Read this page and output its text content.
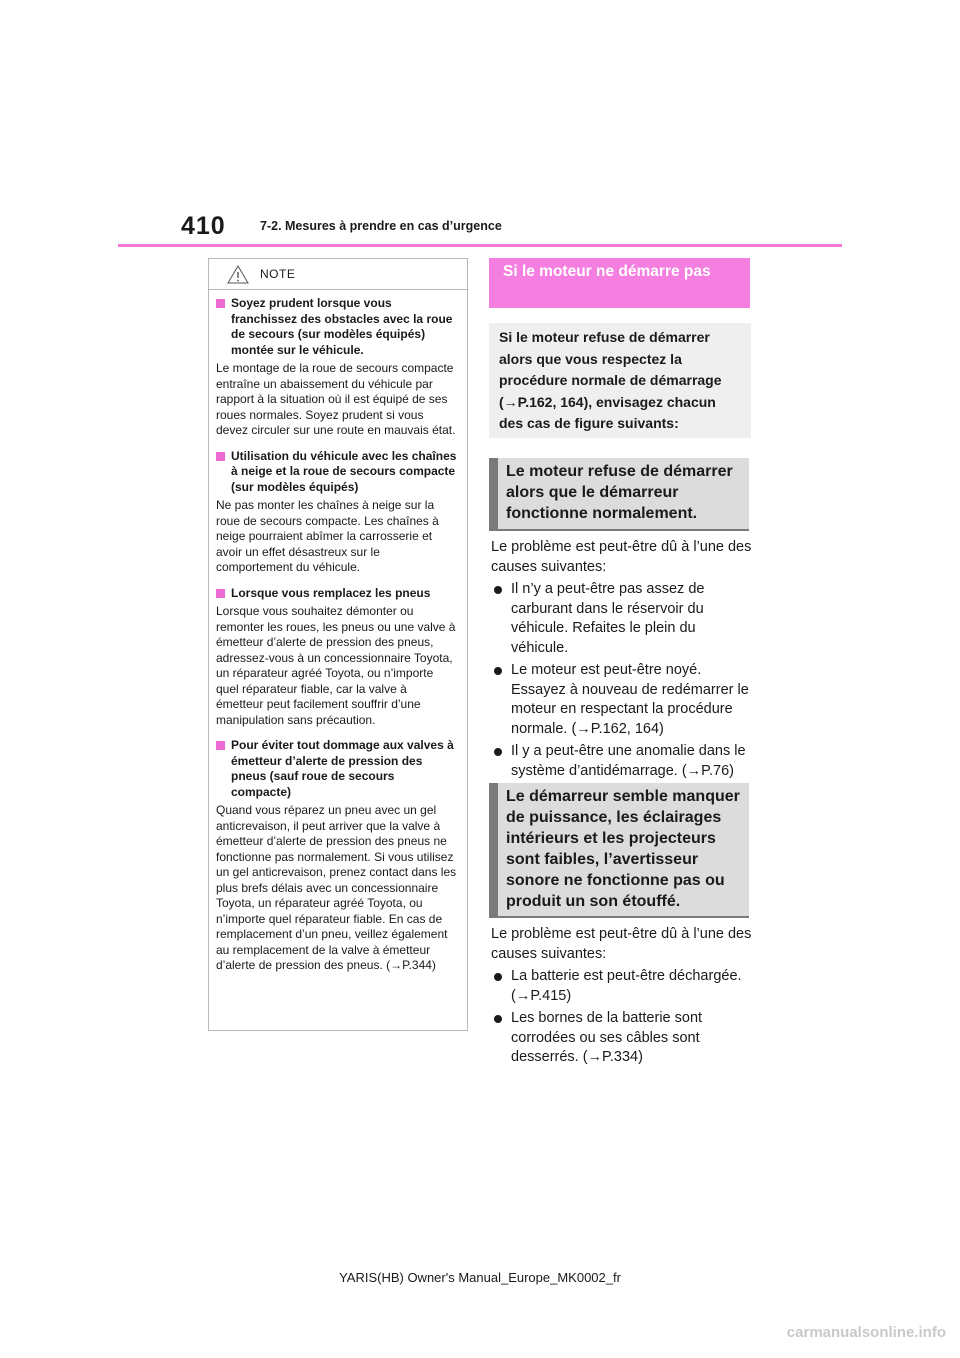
410	7-2. Mesures à prendre en cas d’urgence
NOTE
Soyez prudent lorsque vous franchissez des obstacles avec la roue de secours (sur modèles équipés) montée sur le véhicule.
Le montage de la roue de secours compacte entraîne un abaissement du véhicule par rapport à la situation où il est équipé de ses roues normales. Soyez prudent si vous devez circuler sur une route en mauvais état.
Utilisation du véhicule avec les chaînes à neige et la roue de secours compacte (sur modèles équipés)
Ne pas monter les chaînes à neige sur la roue de secours compacte. Les chaînes à neige pourraient abîmer la carrosserie et avoir un effet désastreux sur le comportement du véhicule.
Lorsque vous remplacez les pneus
Lorsque vous souhaitez démonter ou remonter les roues, les pneus ou une valve à émetteur d’alerte de pression des pneus, adressez-vous à un concessionnaire Toyota, un réparateur agréé Toyota, ou n’importe quel réparateur fiable, car la valve à émetteur peut facilement souffrir d’une manipulation sans précaution.
Pour éviter tout dommage aux valves à émetteur d’alerte de pression des pneus (sauf roue de secours compacte)
Quand vous réparez un pneu avec un gel anticrevaison, il peut arriver que la valve à émetteur d’alerte de pression des pneus ne fonctionne pas normalement. Si vous utilisez un gel anticrevaison, prenez contact dans les plus brefs délais avec un concessionnaire Toyota, un réparateur agréé Toyota, ou n’importe quel réparateur fiable. En cas de remplacement d’un pneu, veillez également au remplacement de la valve à émetteur d’alerte de pression des pneus. (→P.344)
Si le moteur ne démarre pas
Si le moteur refuse de démarrer alors que vous respectez la procédure normale de démarrage (→P.162, 164), envisagez chacun des cas de figure suivants:
Le moteur refuse de démarrer alors que le démarreur fonctionne normalement.
Le problème est peut-être dû à l’une des causes suivantes:
Il n’y a peut-être pas assez de carburant dans le réservoir du véhicule. Refaites le plein du véhicule.
Le moteur est peut-être noyé. Essayez à nouveau de redémarrer le moteur en respectant la procédure normale. (→P.162, 164)
Il y a peut-être une anomalie dans le système d’antidémarrage. (→P.76)
Le démarreur semble manquer de puissance, les éclairages intérieurs et les projecteurs sont faibles, l’avertisseur sonore ne fonctionne pas ou produit un son étouffé.
Le problème est peut-être dû à l’une des causes suivantes:
La batterie est peut-être déchargée. (→P.415)
Les bornes de la batterie sont corrodées ou ses câbles sont desserrés. (→P.334)
YARIS(HB) Owner's Manual_Europe_MK0002_fr
carmanualsonline.info
